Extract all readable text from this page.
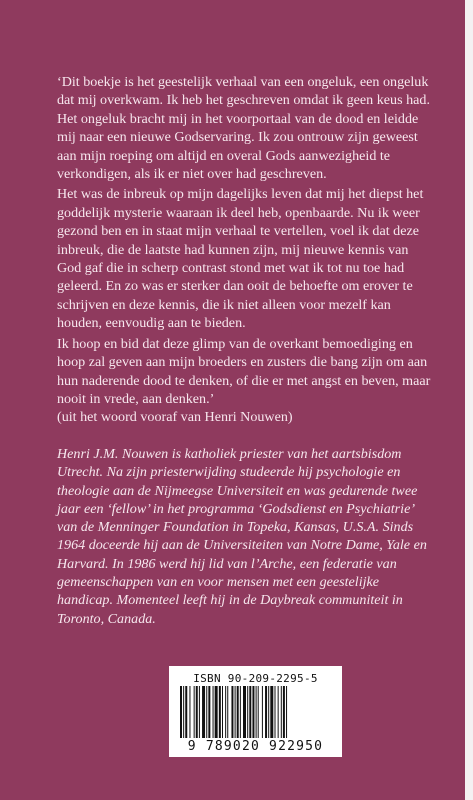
‘Dit boekje is het geestelijk verhaal van een ongeluk, een ongeluk dat mij overkwam. Ik heb het geschreven omdat ik geen keus had. Het ongeluk bracht mij in het voorportaal van de dood en leidde mij naar een nieuwe Godservaring. Ik zou ontrouw zijn geweest aan mijn roeping om altijd en overal Gods aanwezigheid te verkondigen, als ik er niet over had geschreven.

Het was de inbreuk op mijn dagelijks leven dat mij het diepst het goddelijk mysterie waaraan ik deel heb, openbaarde. Nu ik weer gezond ben en in staat mijn verhaal te vertellen, voel ik dat deze inbreuk, die de laatste had kunnen zijn, mij nieuwe kennis van God gaf die in scherp contrast stond met wat ik tot nu toe had geleerd. En zo was er sterker dan ooit de behoefte om erover te schrijven en deze kennis, die ik niet alleen voor mezelf kan houden, eenvoudig aan te bieden.

Ik hoop en bid dat deze glimp van de overkant bemoediging en hoop zal geven aan mijn broeders en zusters die bang zijn om aan hun naderende dood te denken, of die er met angst en beven, maar nooit in vrede, aan denken.’

(uit het woord vooraf van Henri Nouwen)

Henri J.M. Nouwen is katholiek priester van het aartsbisdom Utrecht. Na zijn priesterwijding studeerde hij psychologie en theologie aan de Nijmeegse Universiteit en was gedurende twee jaar een ‘fellow’ in het programma ‘Godsdienst en Psychiatrie’ van de Menninger Foundation in Topeka, Kansas, U.S.A. Sinds 1964 doceerde hij aan de Universiteiten van Notre Dame, Yale en Harvard. In 1986 werd hij lid van l’Arche, een federatie van gemeenschappen van en voor mensen met een geestelijke handicap. Momenteel leeft hij in de Daybreak communiteit in Toronto, Canada.

ISBN 90-209-2295-5
9 789020 922950
